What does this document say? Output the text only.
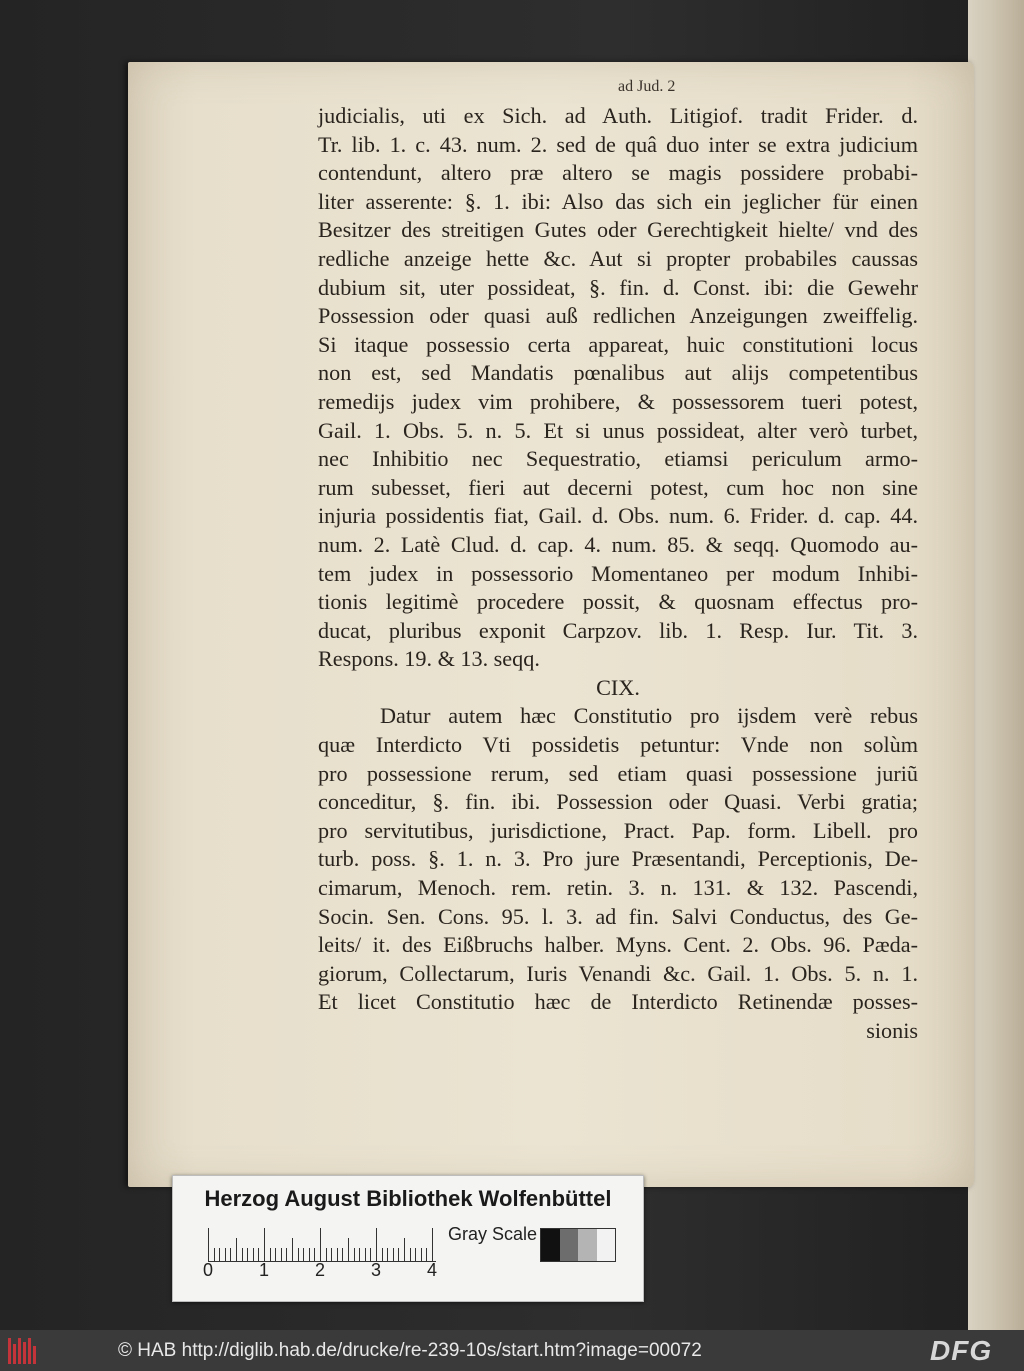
ad Jud. 2
judicialis, uti ex Sich. ad Auth. Litigiof. tradit Frider. d.
Tr. lib. 1. c. 43. num. 2. sed de quâ duo inter se extra judicium
contendunt, altero præ altero se magis possidere probabi-
liter asserente: §. 1. ibi: Also das sich ein jeglicher für einen
Besitzer des streitigen Gutes oder Gerechtigkeit hielte/ vnd des
redliche anzeige hette &c. Aut si propter probabiles caussas
dubium sit, uter possideat, §. fin. d. Const. ibi: die Gewehr
Possession oder quasi auß redlichen Anzeigungen zweiffelig.
Si itaque possessio certa appareat, huic constitutioni locus
non est, sed Mandatis pœnalibus aut alijs competentibus
remedijs judex vim prohibere, & possessorem tueri potest,
Gail. 1. Obs. 5. n. 5. Et si unus possideat, alter verò turbet,
nec Inhibitio nec Sequestratio, etiamsi periculum armo-
rum subesset, fieri aut decerni potest, cum hoc non sine
injuria possidentis fiat, Gail. d. Obs. num. 6. Frider. d. cap. 44.
num. 2. Latè Clud. d. cap. 4. num. 85. & seqq. Quomodo au-
tem judex in possessorio Momentaneo per modum Inhibi-
tionis legitimè procedere possit, & quosnam effectus pro-
ducat, pluribus exponit Carpzov. lib. 1. Resp. Iur. Tit. 3.
Respons. 19. & 13. seqq.
CIX.
Datur autem hæc Constitutio pro ijsdem verè rebus
quæ Interdicto Vti possidetis petuntur: Vnde non solùm
pro possessione rerum, sed etiam quasi possessione juriũ
conceditur, §. fin. ibi. Possession oder Quasi. Verbi gratia;
pro servitutibus, jurisdictione, Pract. Pap. form. Libell. pro
turb. poss. §. 1. n. 3. Pro jure Præsentandi, Perceptionis, De-
cimarum, Menoch. rem. retin. 3. n. 131. & 132. Pascendi,
Socin. Sen. Cons. 95. l. 3. ad fin. Salvi Conductus, des Ge-
leits/ it. des Eißbruchs halber. Myns. Cent. 2. Obs. 96. Pæda-
giorum, Collectarum, Iuris Venandi &c. Gail. 1. Obs. 5. n. 1.
Et licet Constitutio hæc de Interdicto Retinendæ posses-
sionis
Herzog August Bibliothek Wolfenbüttel
0	1	2	3	4
Gray Scale
© HAB http://diglib.hab.de/drucke/re-239-10s/start.htm?image=00072	DFG
